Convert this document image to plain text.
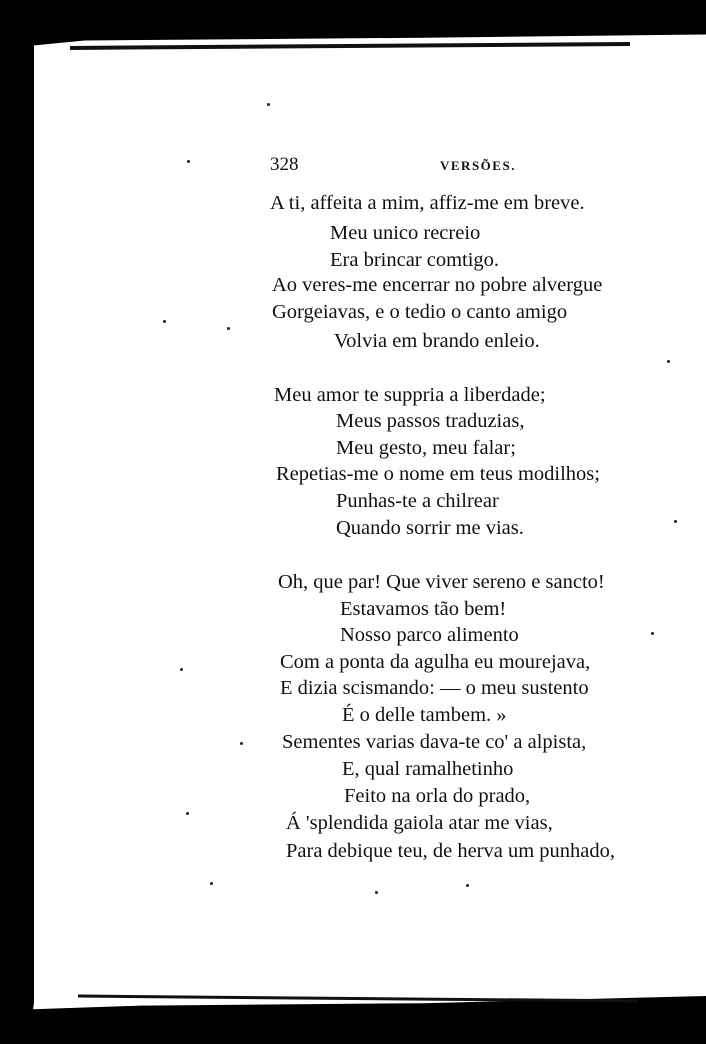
328	VERSÕES.
A ti, affeita a mim, affiz-me em breve.
Meu unico recreio
Era brincar comtigo.
Ao veres-me encerrar no pobre alvergue
Gorgeiavas, e o tedio o canto amigo
Volvia em brando enleio.
Meu amor te suppria a liberdade;
Meus passos traduzias,
Meu gesto, meu falar;
Repetias-me o nome em teus modilhos;
Punhas-te a chilrear
Quando sorrir me vias.
Oh, que par! Que viver sereno e sancto!
Estavamos tão bem!
Nosso parco alimento
Com a ponta da agulha eu mourejava,
E dizia scismando: — o meu sustento
É o delle tambem. »
Sementes varias dava-te co' a alpista,
E, qual ramalhetinho
Feito na orla do prado,
Á 'splendida gaiola atar me vias,
Para debique teu, de herva um punhado,
